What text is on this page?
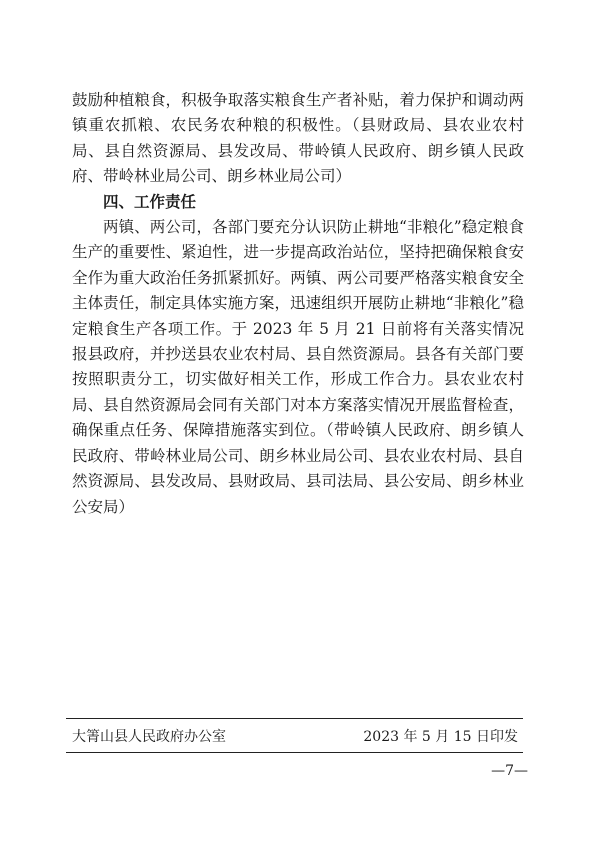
鼓励种植粮食，积极争取落实粮食生产者补贴，着力保护和调动两镇重农抓粮、农民务农种粮的积极性。（县财政局、县农业农村局、县自然资源局、县发改局、带岭镇人民政府、朗乡镇人民政府、带岭林业局公司、朗乡林业局公司）

四、工作责任

两镇、两公司，各部门要充分认识防止耕地“非粮化”稳定粮食生产的重要性、紧迫性，进一步提高政治站位，坚持把确保粮食安全作为重大政治任务抓紧抓好。两镇、两公司要严格落实粮食安全主体责任，制定具体实施方案，迅速组织开展防止耕地“非粮化”稳定粮食生产各项工作。于 2023 年 5 月 21 日前将有关落实情况报县政府，并抄送县农业农村局、县自然资源局。县各有关部门要按照职责分工，切实做好相关工作，形成工作合力。县农业农村局、县自然资源局会同有关部门对本方案落实情况开展监督检查，确保重点任务、保障措施落实到位。（带岭镇人民政府、朗乡镇人民政府、带岭林业局公司、朗乡林业局公司、县农业农村局、县自然资源局、县发改局、县财政局、县司法局、县公安局、朗乡林业公安局）

大箐山县人民政府办公室	2023 年 5 月 15 日印发
—7—
